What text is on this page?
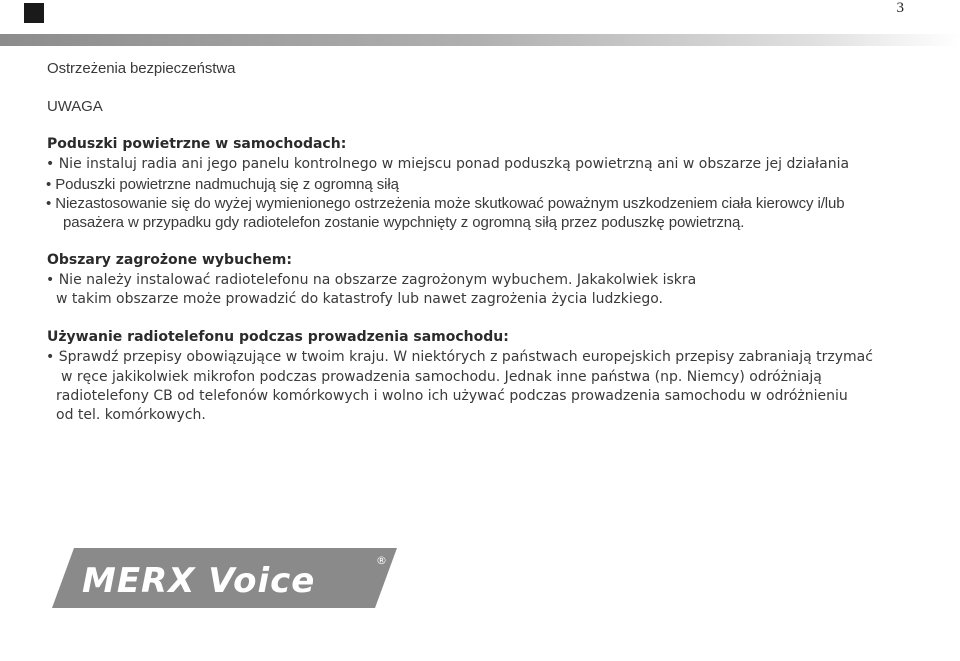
3
Ostrzeżenia bezpieczeństwa
UWAGA
Poduszki powietrzne w samochodach:
• Nie instaluj radia ani jego panelu kontrolnego w miejscu ponad poduszką powietrzną ani w obszarze jej działania
• Poduszki powietrzne nadmuchują się z ogromną siłą
• Niezastosowanie się do wyżej wymienionego ostrzeżenia może skutkować poważnym uszkodzeniem ciała kierowcy i/lub
pasażera w przypadku gdy radiotelefon zostanie wypchnięty z ogromną siłą przez poduszkę powietrzną.
Obszary zagrożone wybuchem:
• Nie należy instalować radiotelefonu na obszarze zagrożonym wybuchem. Jakakolwiek iskra
w takim obszarze może prowadzić do katastrofy lub nawet zagrożenia życia ludzkiego.
Używanie radiotelefonu podczas prowadzenia samochodu:
• Sprawdź przepisy obowiązujące w twoim kraju. W niektórych z państwach europejskich przepisy zabraniają trzymać
w ręce jakikolwiek mikrofon podczas prowadzenia samochodu. Jednak inne państwa (np. Niemcy) odróżniają
radiotelefony CB od telefonów komórkowych i wolno ich używać podczas prowadzenia samochodu w odróżnieniu
od tel. komórkowych.
MERX Voice
®
